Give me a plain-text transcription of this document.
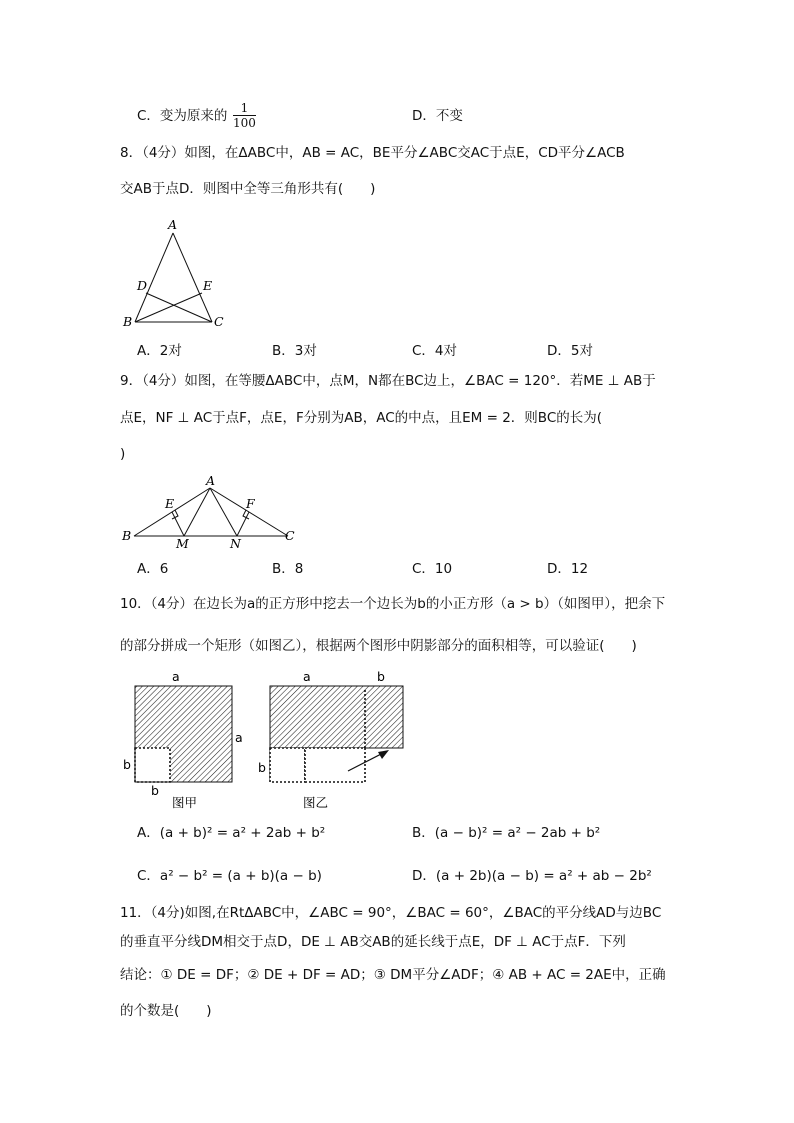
C．变为原来的 $\frac{1}{100}$	D．不变
8．（4分）如图，在ΔABC中，AB = AC，BE平分∠ABC交AC于点E，CD平分∠ACB
交AB于点D．则图中全等三角形共有(　　)
A
B	C
D	E
A．2对	B．3对	C．4对	D．5对
9．（4分）如图，在等腰ΔABC中，点M，N都在BC边上，∠BAC = 120°．若ME ⊥ AB于
点E，NF ⊥ AC于点F，点E，F分别为AB，AC的中点，且EM = 2．则BC的长为(
)
A
B	C
E	F
M	N
A．6	B．8	C．10	D．12
10．（4分）在边长为a的正方形中挖去一个边长为b的小正方形（a > b）（如图甲），把余下
的部分拼成一个矩形（如图乙），根据两个图形中阴影部分的面积相等，可以验证(　　)
a
a
b
b
图甲
a	b
b
图乙
A．(a + b)² = a² + 2ab + b²	B．(a − b)² = a² − 2ab + b²
C．a² − b² = (a + b)(a − b)	D．(a + 2b)(a − b) = a² + ab − 2b²
11．（4分)如图,在RtΔABC中，∠ABC = 90°，∠BAC = 60°，∠BAC的平分线AD与边BC
的垂直平分线DM相交于点D，DE ⊥ AB交AB的延长线于点E，DF ⊥ AC于点F．下列
结论：① DE = DF；② DE + DF = AD；③ DM平分∠ADF；④ AB + AC = 2AE中，正确
的个数是(　　)
